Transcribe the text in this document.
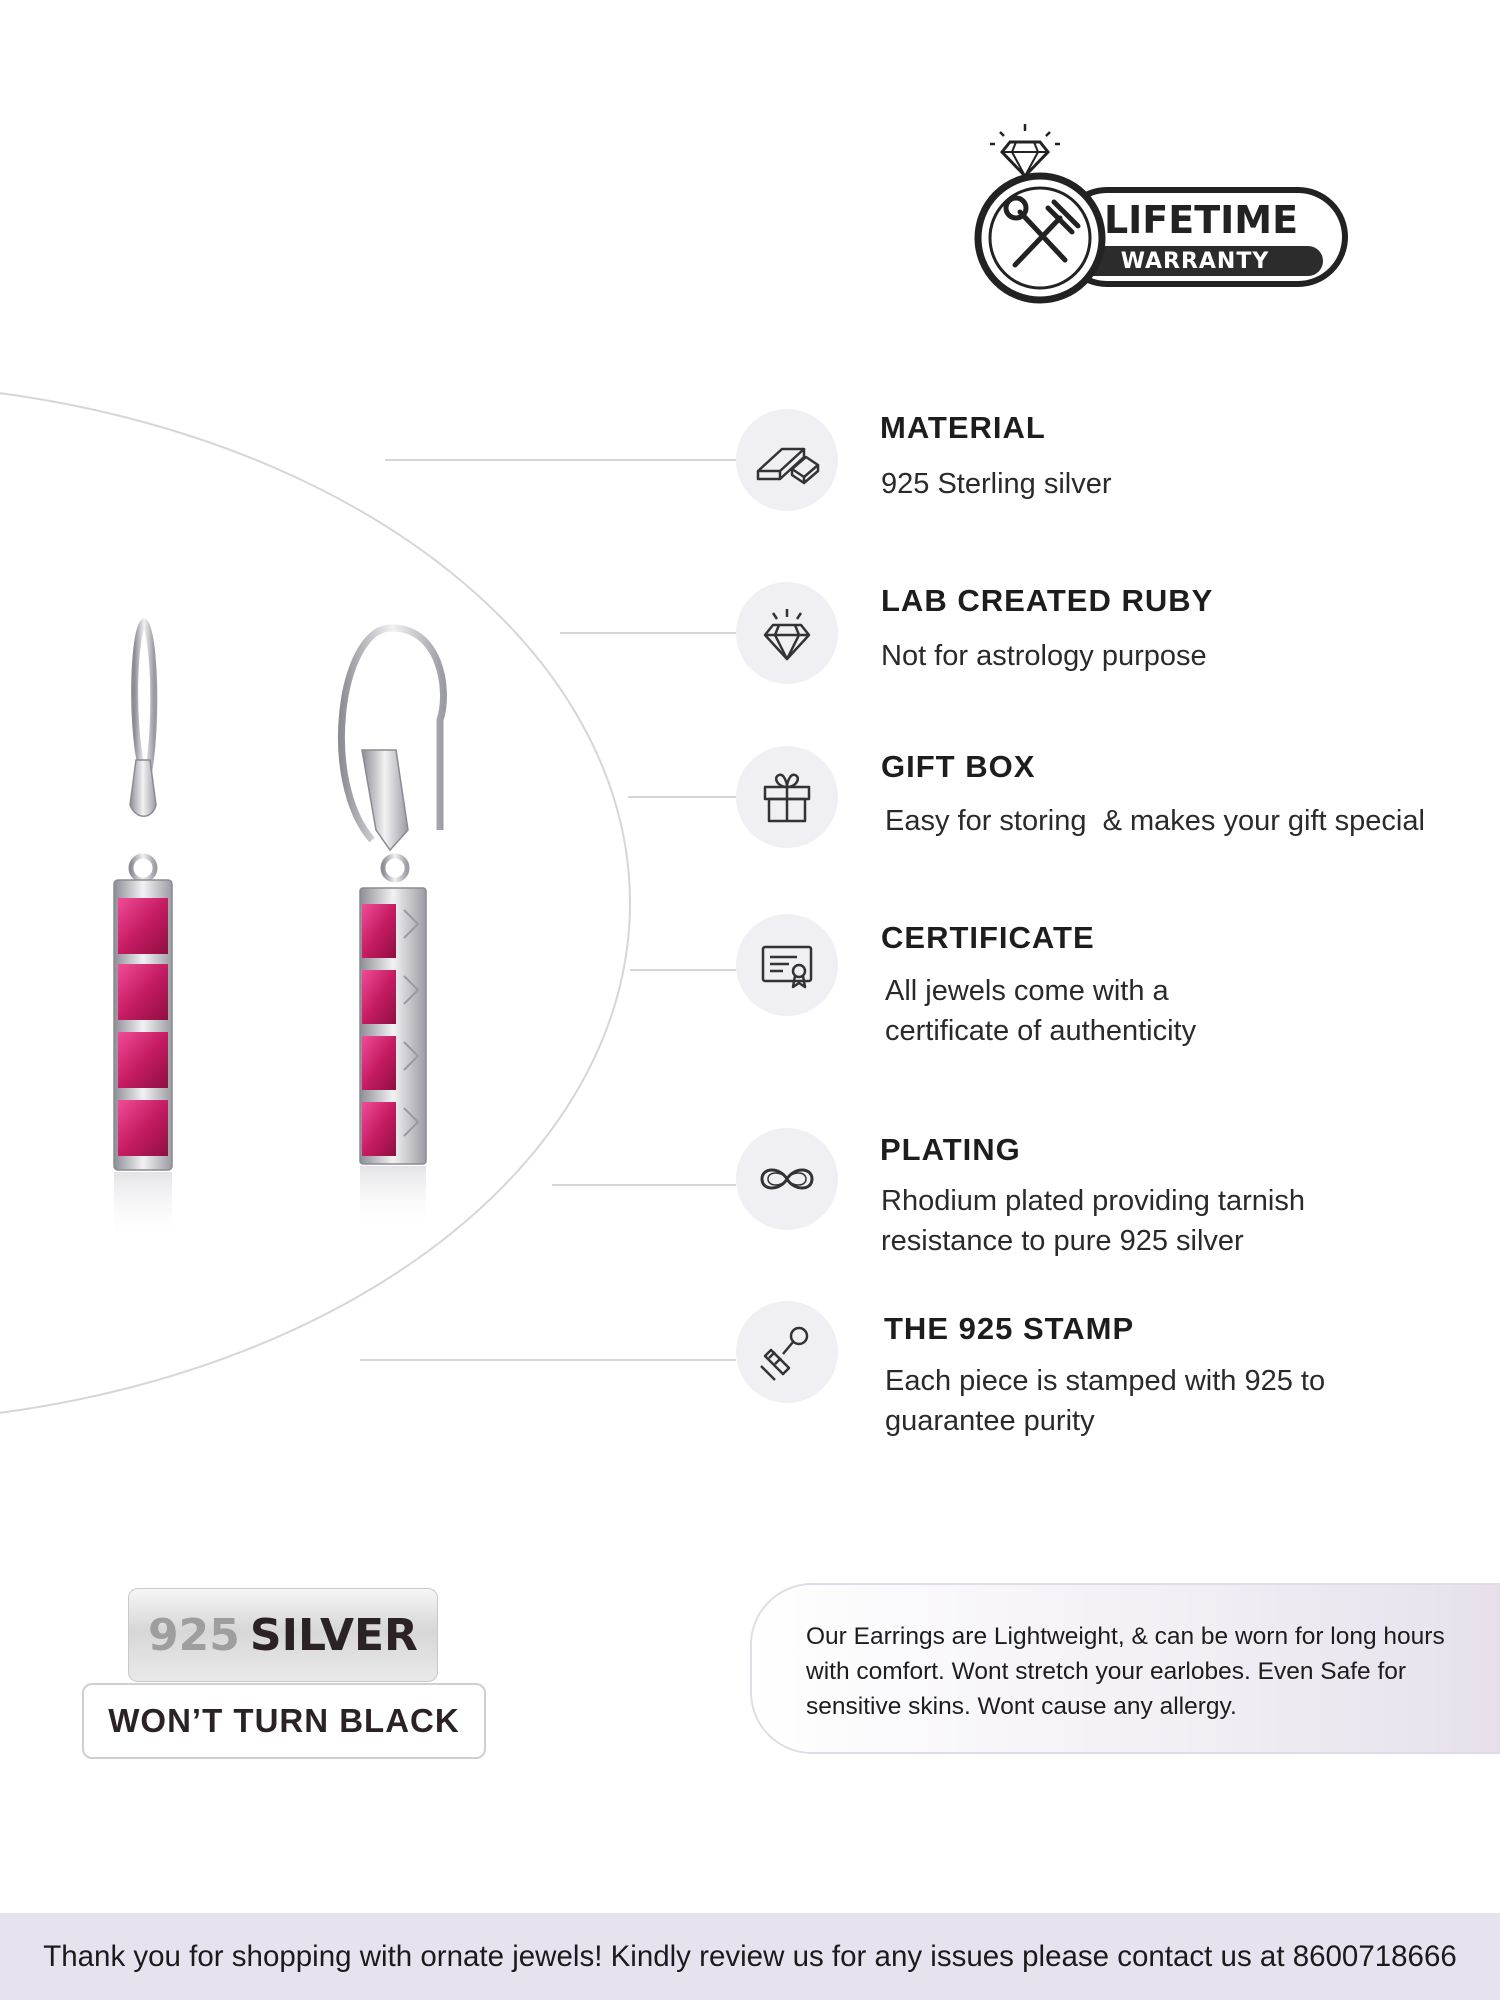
LIFETIME
WARRANTY
MATERIAL
925 Sterling silver
LAB CREATED RUBY
Not for astrology purpose
GIFT BOX
Easy for storing  & makes your gift special
CERTIFICATE
All jewels come with a
certificate of authenticity
PLATING
Rhodium plated providing tarnish
resistance to pure 925 silver
THE 925 STAMP
Each piece is stamped with 925 to
guarantee purity
925 SILVER
WON’T TURN BLACK
Our Earrings are Lightweight, & can be worn for long hours with comfort. Wont stretch your earlobes. Even Safe for sensitive skins. Wont cause any allergy.
Thank you for shopping with ornate jewels! Kindly review us for any issues please contact us at 8600718666
